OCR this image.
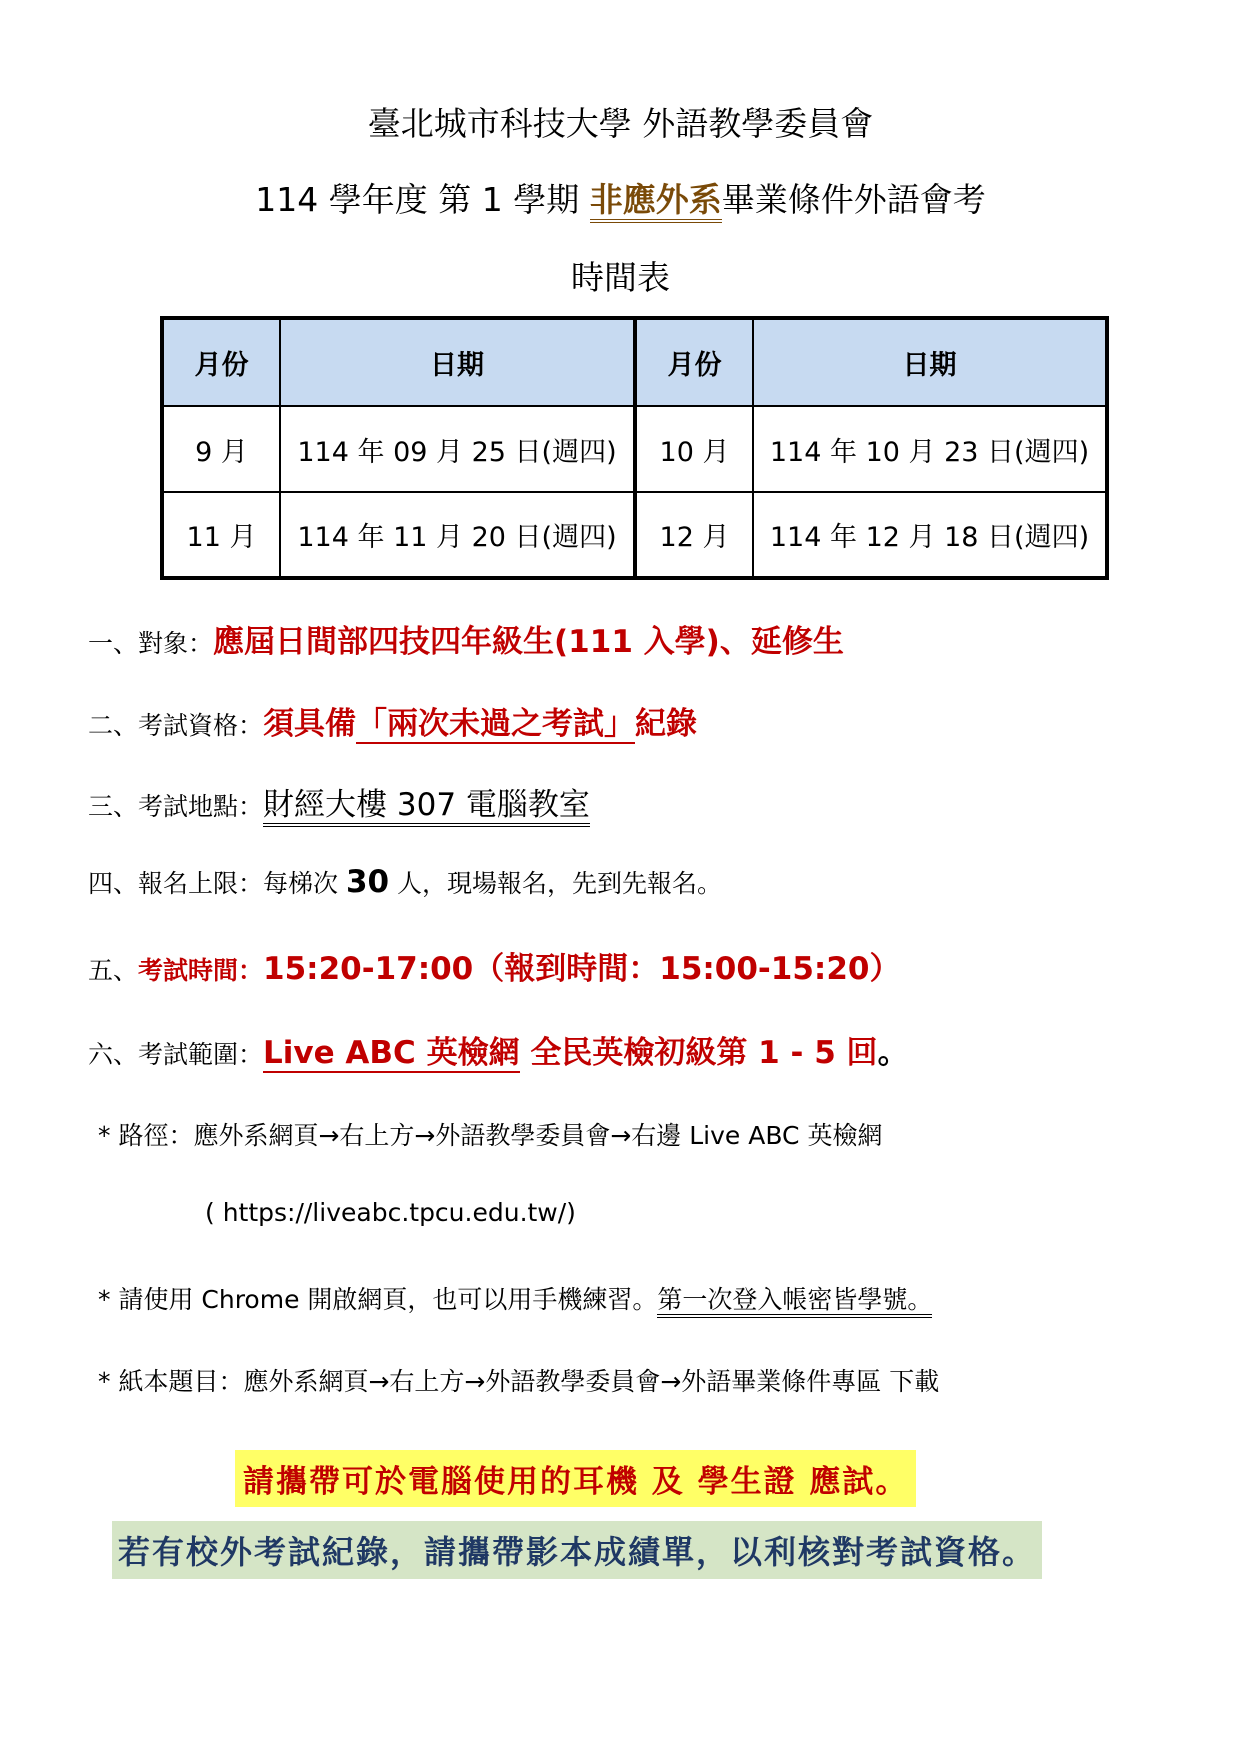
臺北城市科技大學 外語教學委員會
114 學年度 第 1 學期 非應外系畢業條件外語會考
時間表
月份	日期	月份	日期
9 月	114 年 09 月 25 日(週四)	10 月	114 年 10 月 23 日(週四)
11 月	114 年 11 月 20 日(週四)	12 月	114 年 12 月 18 日(週四)
一、對象：應屆日間部四技四年級生(111 入學)、延修生
二、考試資格：須具備「兩次未過之考試」紀錄
三、考試地點：財經大樓 307 電腦教室
四、報名上限：每梯次 30 人，現場報名，先到先報名。
五、考試時間：15:20-17:00（報到時間：15:00-15:20）
六、考試範圍：Live ABC 英檢網 全民英檢初級第 1 - 5 回。
* 路徑：應外系網頁→右上方→外語教學委員會→右邊 Live ABC 英檢網
( https://liveabc.tpcu.edu.tw/)
* 請使用 Chrome 開啟網頁，也可以用手機練習。第一次登入帳密皆學號。
* 紙本題目：應外系網頁→右上方→外語教學委員會→外語畢業條件專區 下載
請攜帶可於電腦使用的耳機 及 學生證 應試。
若有校外考試紀錄，請攜帶影本成績單，以利核對考試資格。
